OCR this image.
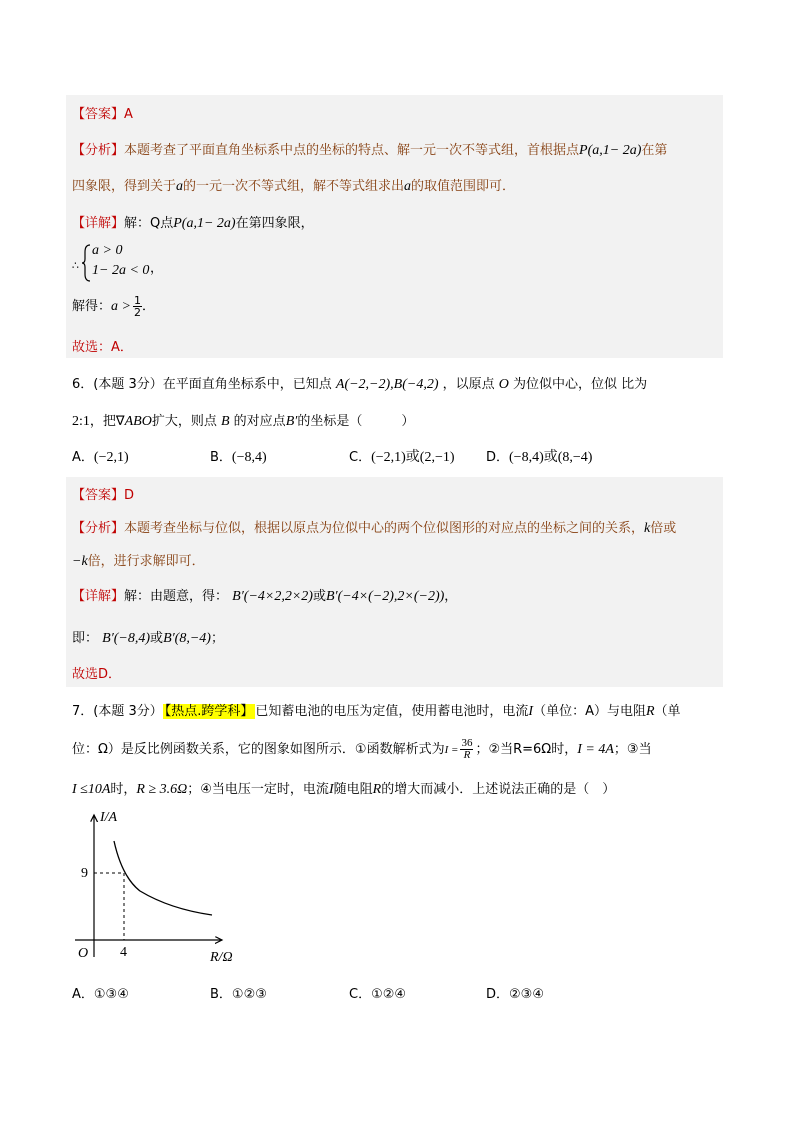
【答案】A
【分析】本题考查了平面直角坐标系中点的坐标的特点、解一元一次不等式组，首根据点P(a,1− 2a)在第
四象限，得到关于a的一元一次不等式组，解不等式组求出a的取值范围即可．
【详解】解：Q点P(a,1− 2a)在第四象限，
∴
a > 0
1− 2a < 0 ，
解得：$a > \frac{1}{2}$ ．
故选：A．
6．(本题 3分）在平面直角坐标系中，已知点 A(−2,−2),B(−4,2) ，以原点 O 为位似中心，位似 比为
2:1，把∇ABO扩大，则点 B 的对应点B′的坐标是（　　　）
A．(−2,1)	B．(−8,4)	C．(−2,1)或(2,−1) D．(−8,4)或(8,−4)
【答案】D
【分析】本题考查坐标与位似，根据以原点为位似中心的两个位似图形的对应点的坐标之间的关系，k倍或
−k倍，进行求解即可．
【详解】解：由题意，得： B′(−4×2,2×2)或B′(−4×(−2),2×(−2))，
即： B′(−8,4)或B′(8,−4)；
故选D．
7．(本题 3分） 【热点.跨学科】 已知蓄电池的电压为定值，使用蓄电池时，电流I（单位：A）与电阻R（单
位：Ω）是反比例函数关系，它的图象如图所示．①函数解析式为$I = \frac{36}{R}$ ；②当R=6Ω时，I = 4A；③当
I ≤10A时，R ≥ 3.6Ω；④当电压一定时，电流I随电阻R的增大而减小．上述说法正确的是（　）
I/A
R/Ω
O
9
4
A．①③④	B．①②③	C．①②④	D．②③④
